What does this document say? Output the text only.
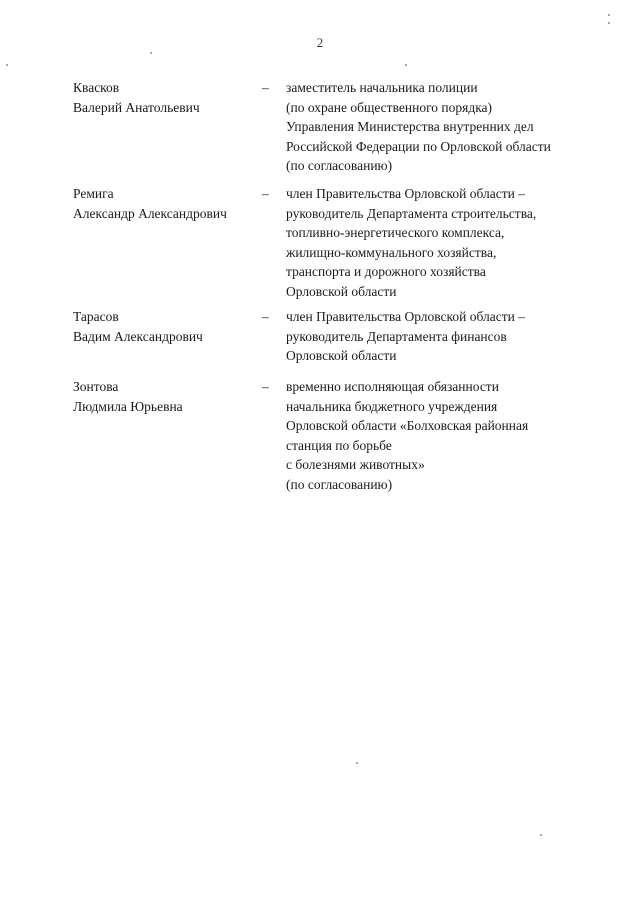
2
Квасков
Валерий Анатольевич
– заместитель начальника полиции
(по охране общественного порядка)
Управления Министерства внутренних дел
Российской Федерации по Орловской области
(по согласованию)
Ремига
Александр Александрович
– член Правительства Орловской области –
руководитель Департамента строительства,
топливно-энергетического комплекса,
жилищно-коммунального хозяйства,
транспорта и дорожного хозяйства
Орловской области
Тарасов
Вадим Александрович
– член Правительства Орловской области –
руководитель Департамента финансов
Орловской области
Зонтова
Людмила Юрьевна
– временно исполняющая обязанности
начальника бюджетного учреждения
Орловской области «Болховская районная
станция по борьбе
с болезнями животных»
(по согласованию)
